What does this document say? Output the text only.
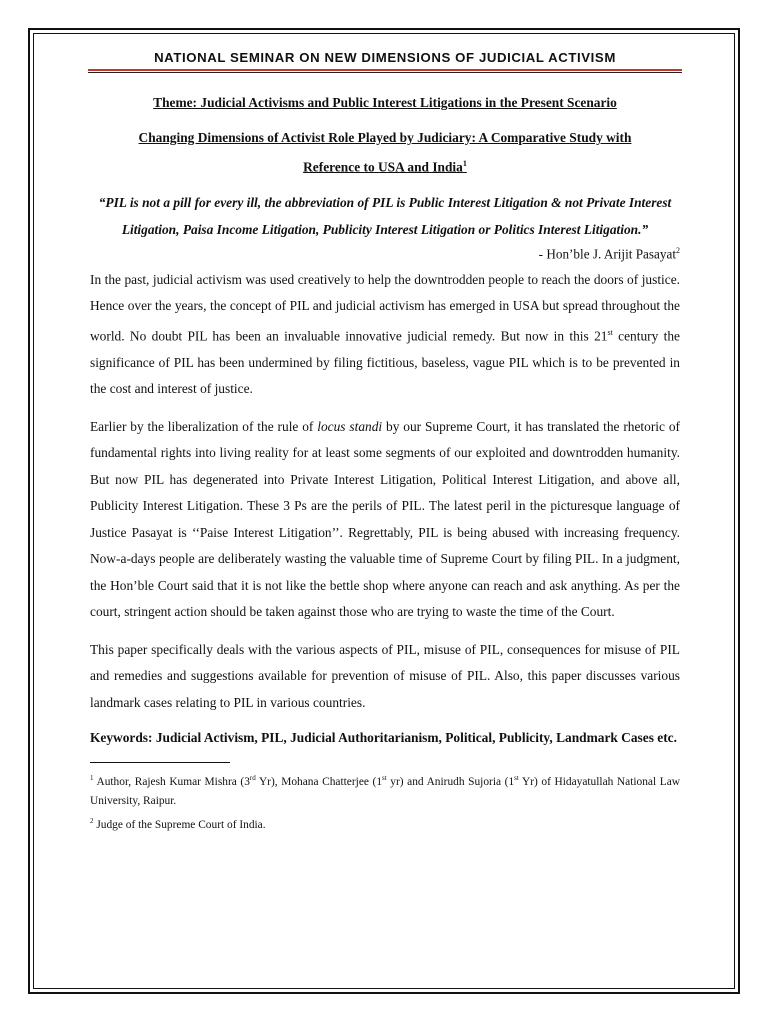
NATIONAL SEMINAR ON NEW DIMENSIONS OF JUDICIAL ACTIVISM
Theme: Judicial Activisms and Public Interest Litigations in the Present Scenario
Changing Dimensions of Activist Role Played by Judiciary: A Comparative Study with
Reference to USA and India$^1$
“PIL is not a pill for every ill, the abbreviation of PIL is Public Interest Litigation & not Private Interest Litigation, Paisa Income Litigation, Publicity Interest Litigation or Politics Interest Litigation.”
- Hon’ble J. Arijit Pasayat$^2$

In the past, judicial activism was used creatively to help the downtrodden people to reach the doors of justice. Hence over the years, the concept of PIL and judicial activism has emerged in USA but spread throughout the world. No doubt PIL has been an invaluable innovative judicial remedy. But now in this 21st century the significance of PIL has been undermined by filing fictitious, baseless, vague PIL which is to be prevented in the cost and interest of justice.

Earlier by the liberalization of the rule of locus standi by our Supreme Court, it has translated the rhetoric of fundamental rights into living reality for at least some segments of our exploited and downtrodden humanity. But now PIL has degenerated into Private Interest Litigation, Political Interest Litigation, and above all, Publicity Interest Litigation. These 3 Ps are the perils of PIL. The latest peril in the picturesque language of Justice Pasayat is ‘‘Paise Interest Litigation’’. Regrettably, PIL is being abused with increasing frequency. Now-a-days people are deliberately wasting the valuable time of Supreme Court by filing PIL. In a judgment, the Hon’ble Court said that it is not like the bettle shop where anyone can reach and ask anything. As per the court, stringent action should be taken against those who are trying to waste the time of the Court.

This paper specifically deals with the various aspects of PIL, misuse of PIL, consequences for misuse of PIL and remedies and suggestions available for prevention of misuse of PIL. Also, this paper discusses various landmark cases relating to PIL in various countries.

Keywords: Judicial Activism, PIL, Judicial Authoritarianism, Political, Publicity, Landmark Cases etc.
$^1$ Author, Rajesh Kumar Mishra (3rd Yr), Mohana Chatterjee (1st yr) and Anirudh Sujoria (1st Yr) of Hidayatullah National Law University, Raipur.
$^2$ Judge of the Supreme Court of India.
